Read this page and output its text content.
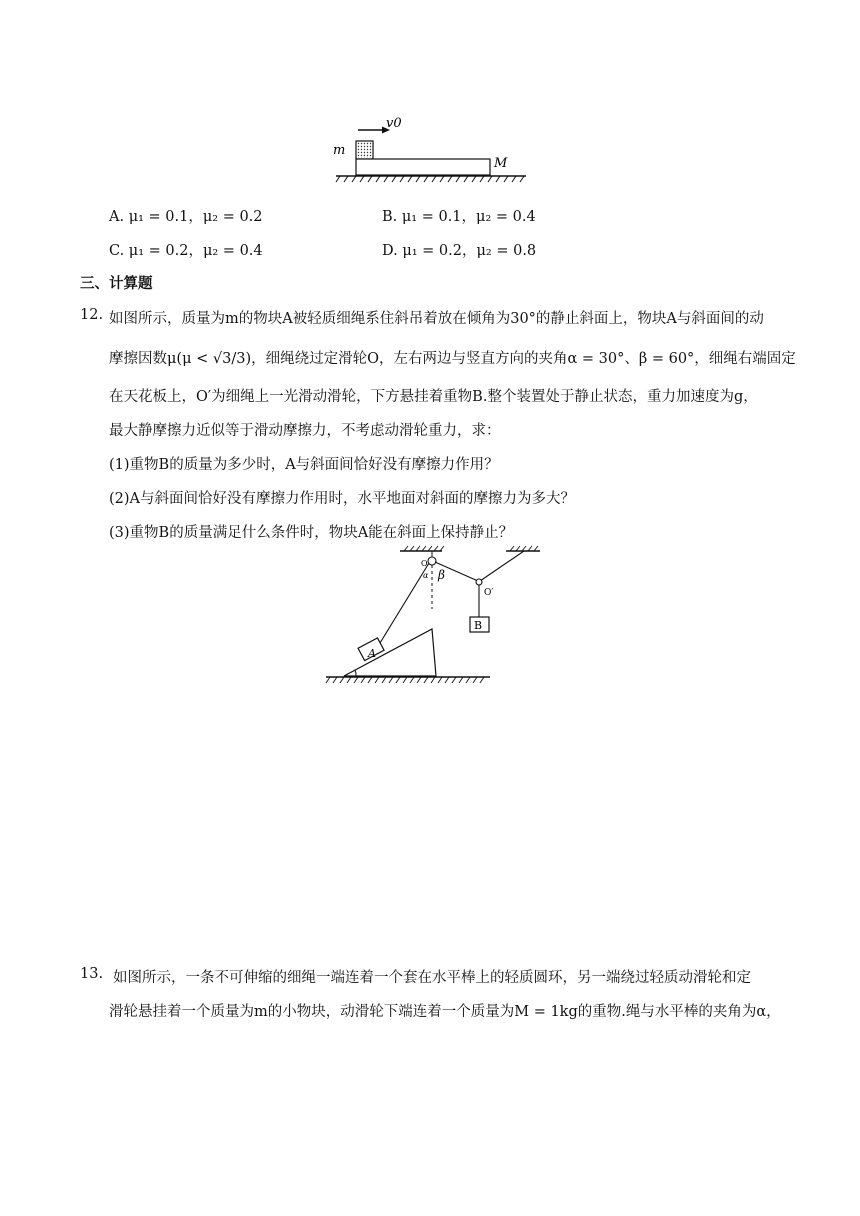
v0
m
M
A. μ₁ = 0.1，μ₂ = 0.2	B. μ₁ = 0.1，μ₂ = 0.4
C. μ₁ = 0.2，μ₂ = 0.4	D. μ₁ = 0.2，μ₂ = 0.8
三、计算题
12. 如图所示，质量为m的物块A被轻质细绳系住斜吊着放在倾角为30°的静止斜面上，物块A与斜面间的动
摩擦因数μ(μ < √3/3)，细绳绕过定滑轮O，左右两边与竖直方向的夹角α = 30°、β = 60°，细绳右端固定
在天花板上，O′为细绳上一光滑动滑轮，下方悬挂着重物B.整个装置处于静止状态，重力加速度为g，
最大静摩擦力近似等于滑动摩擦力，不考虑动滑轮重力，求：
(1)重物B的质量为多少时，A与斜面间恰好没有摩擦力作用？
(2)A与斜面间恰好没有摩擦力作用时，水平地面对斜面的摩擦力为多大？
(3)重物B的质量满足什么条件时，物块A能在斜面上保持静止？
O
α β
O′
B
A
13. 如图所示，一条不可伸缩的细绳一端连着一个套在水平棒上的轻质圆环，另一端绕过轻质动滑轮和定
滑轮悬挂着一个质量为m的小物块，动滑轮下端连着一个质量为M = 1kg的重物.绳与水平棒的夹角为α，
